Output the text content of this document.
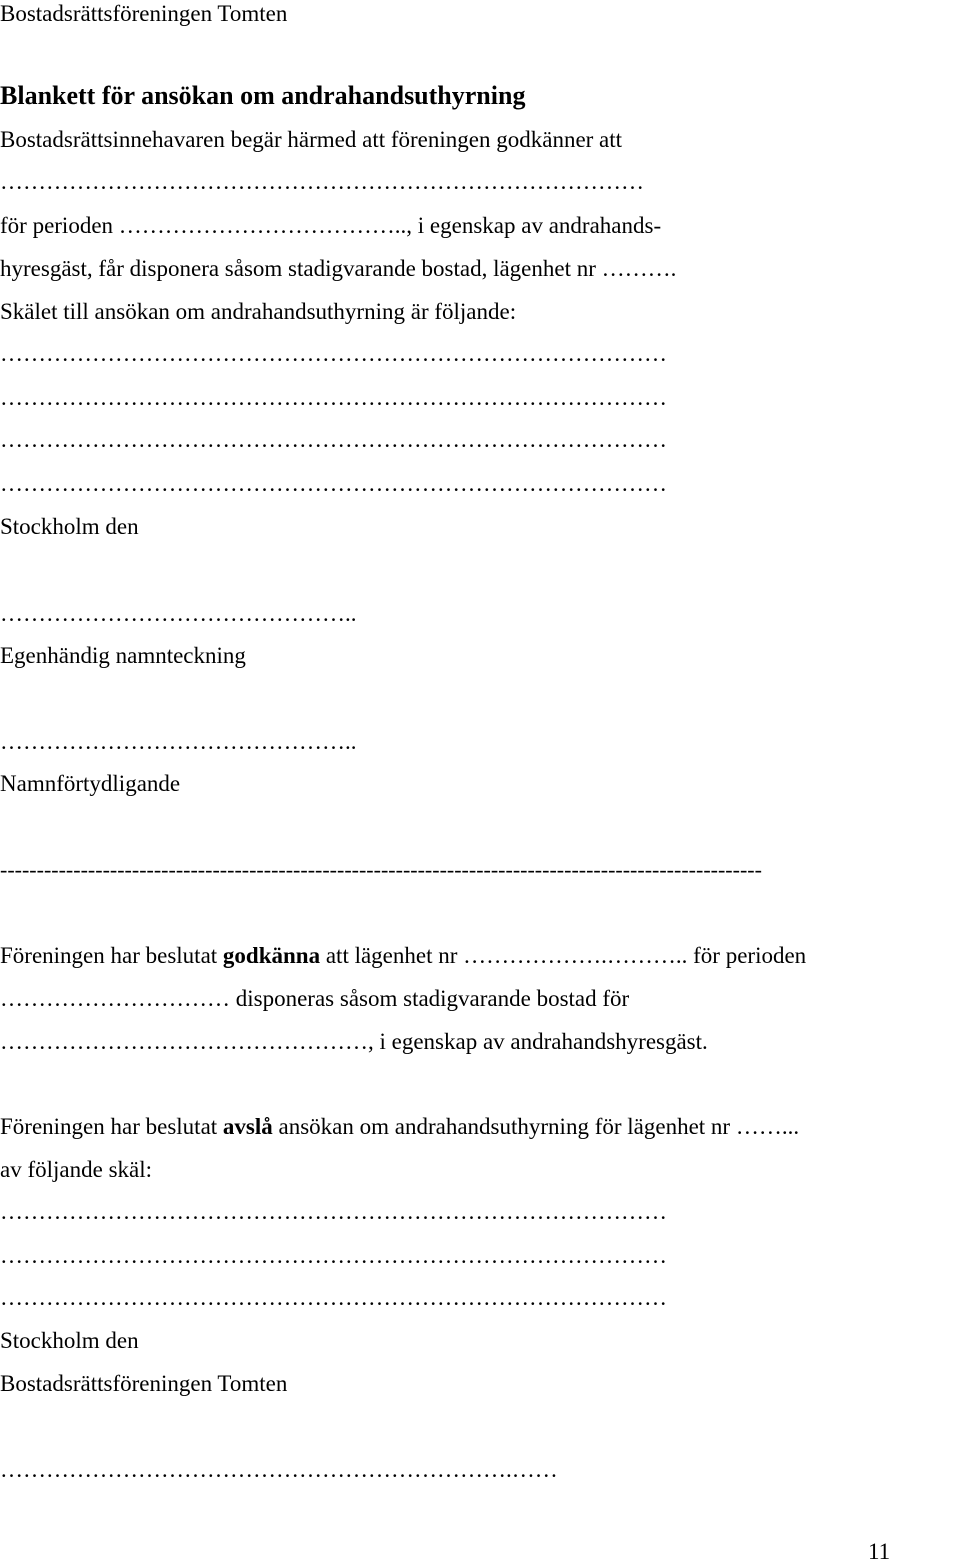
Bostadsrättsföreningen Tomten
Blankett för ansökan om andrahandsuthyrning
Bostadsrättsinnehavaren begär härmed att föreningen godkänner att
…………………………………………………………………………
för perioden ……………………………….., i egenskap av andrahands-
hyresgäst, får disponera såsom stadigvarande bostad, lägenhet nr ……….
Skälet till ansökan om andrahandsuthyrning är följande:
……………………………………………………………………………
……………………………………………………………………………
……………………………………………………………………………
……………………………………………………………………………
Stockholm den
………………………………………..
Egenhändig namnteckning
………………………………………..
Namnförtydligande
--------------------------------------------------------------------------------------------------------
Föreningen har beslutat godkänna att lägenhet nr ……………….……….. för perioden
………………………… disponeras såsom stadigvarande bostad för
…………………………………………, i egenskap av andrahandshyresgäst.
Föreningen har beslutat avslå ansökan om andrahandsuthyrning för lägenhet nr ……...
av följande skäl:
……………………………………………………………………………
……………………………………………………………………………
……………………………………………………………………………
Stockholm den
Bostadsrättsföreningen Tomten
………………………………………………………….……
11
